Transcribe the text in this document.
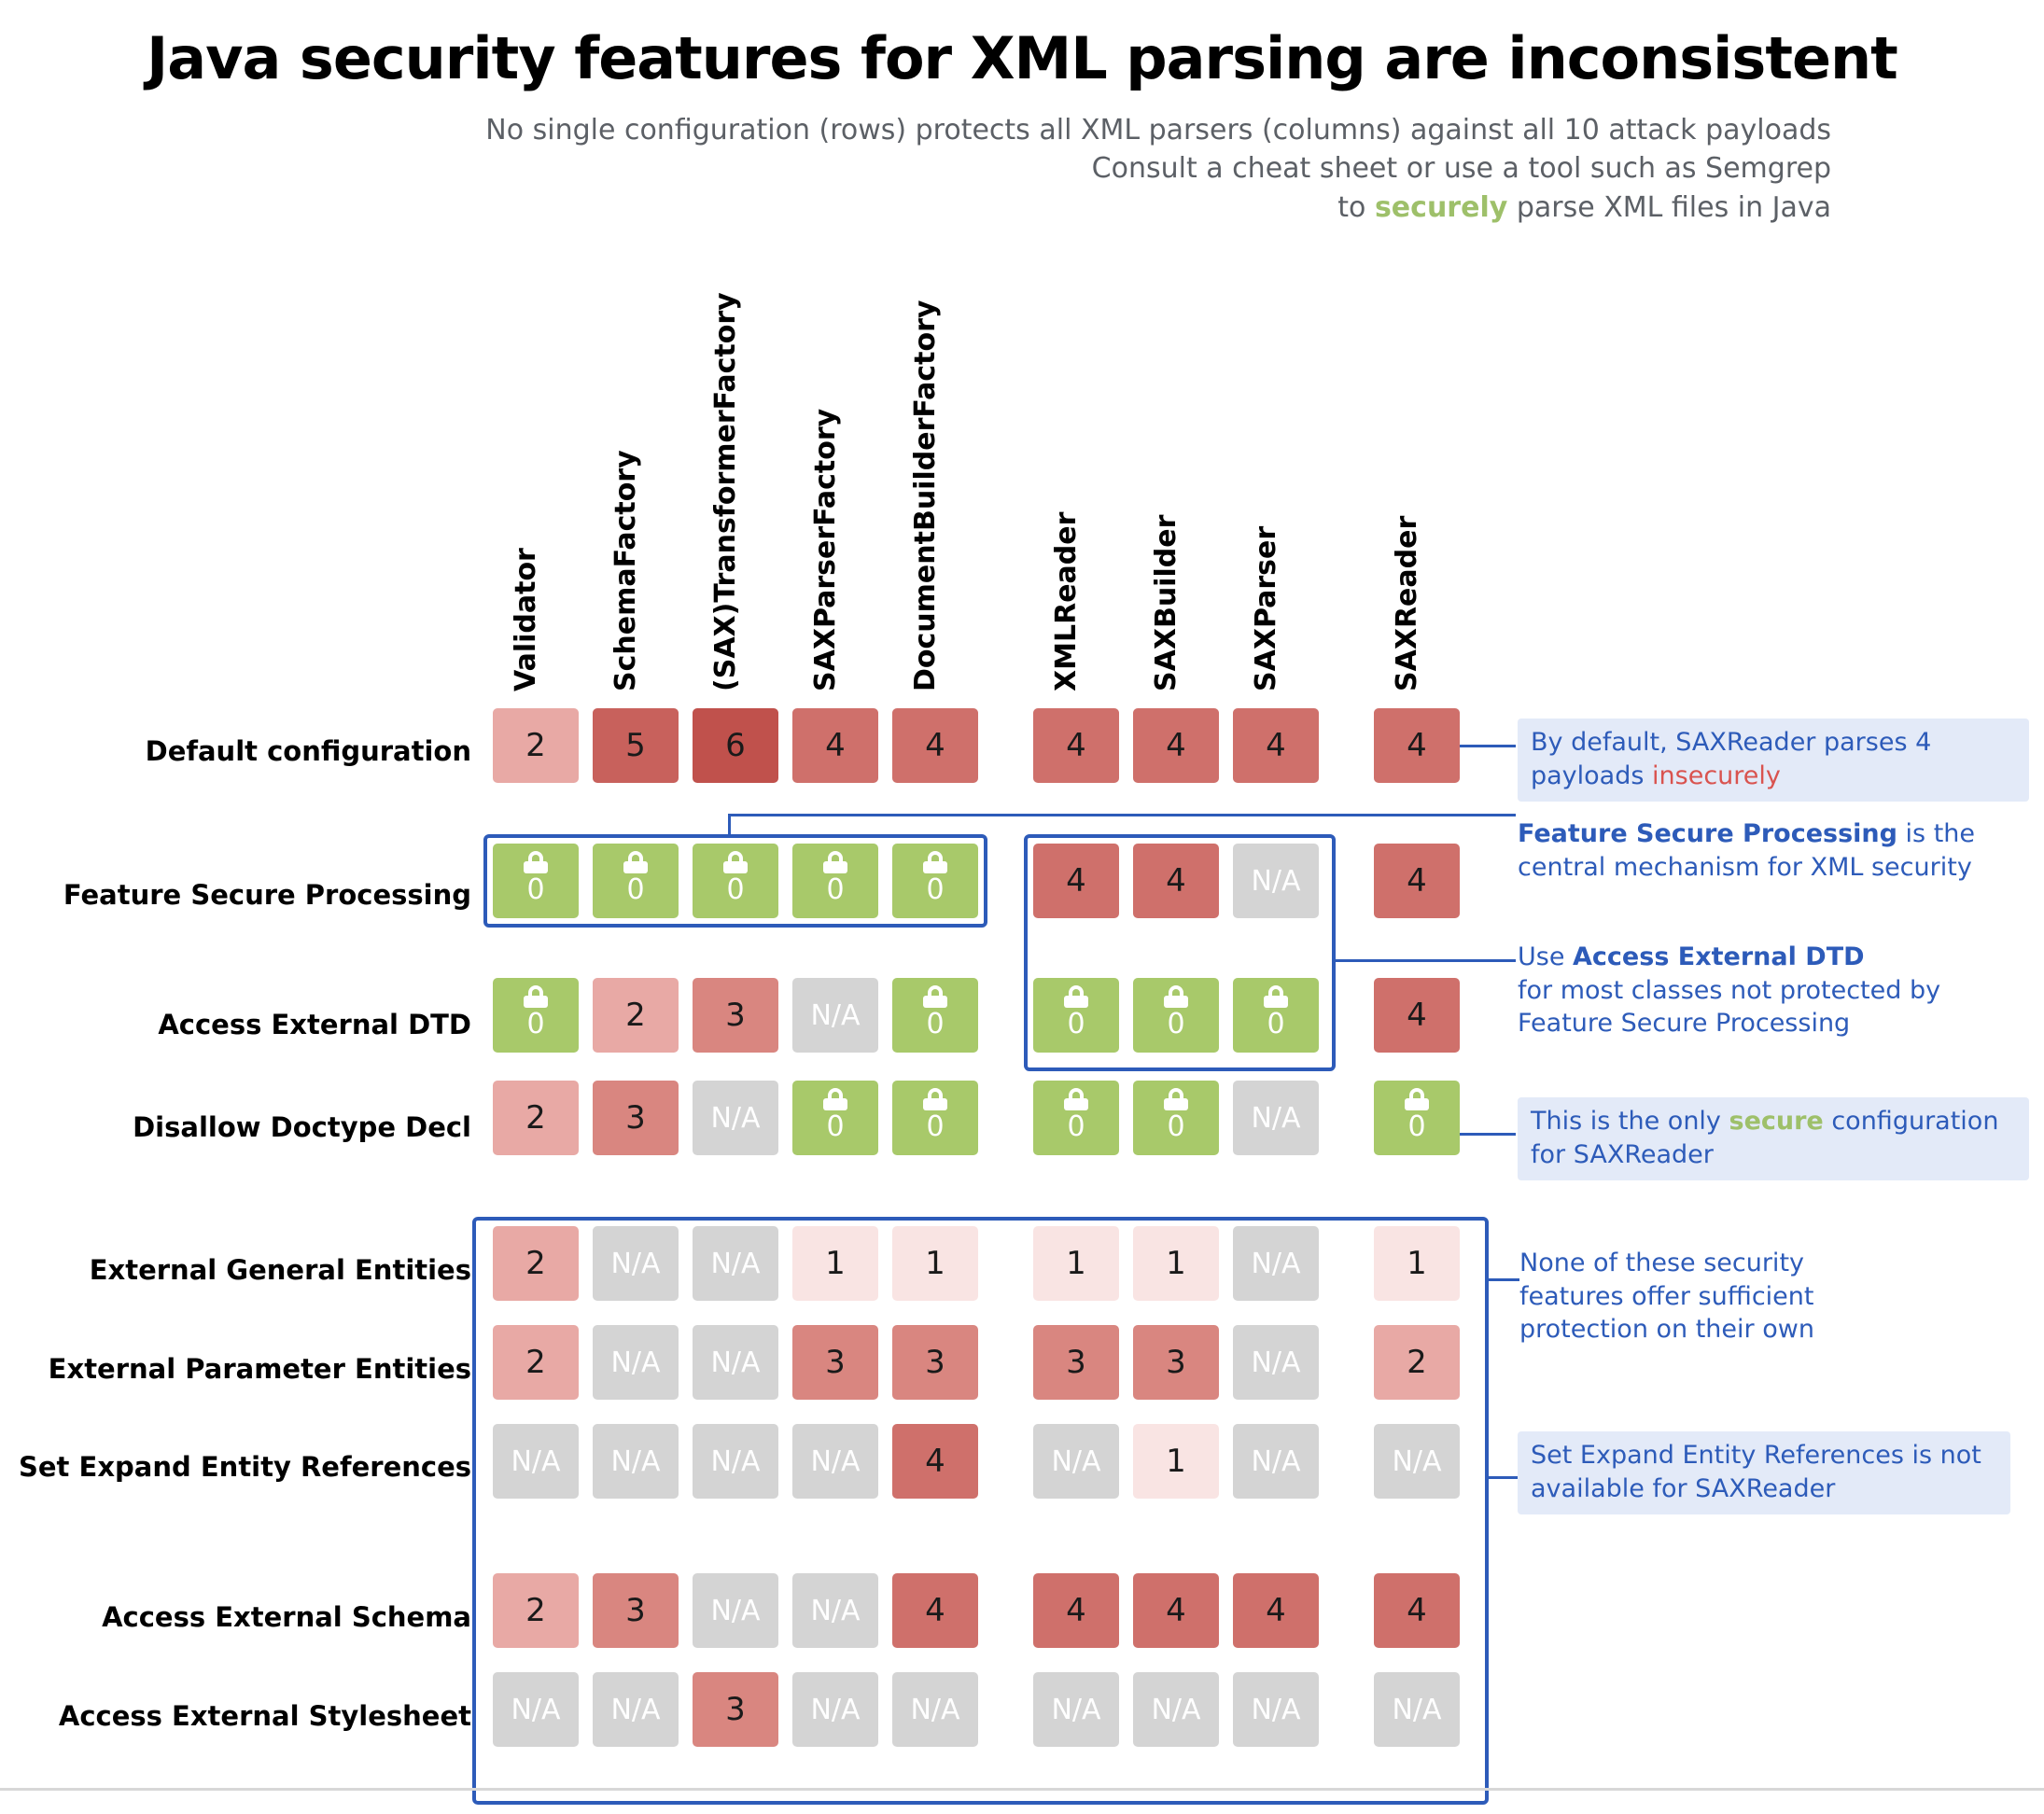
Java security features for XML parsing are inconsistent
No single configuration (rows) protects all XML parsers (columns) against all 10 attack payloads
Consult a cheat sheet or use a tool such as Semgrep
to securely parse XML files in Java
Validator SchemaFactory (SAX)TransformerFactory SAXParserFactory DocumentBuilderFactory	XMLReader SAXBuilder SAXParser	SAXReader
Default configuration
Feature Secure Processing
Access External DTD
Disallow Doctype Decl
External General Entities
External Parameter Entities
Set Expand Entity References
Access External Schema
Access External Stylesheet
2	5	6	4	4	4	4	4	4
0	0	0	0	0	4	4	N/A	4
0	2	3	N/A	0	0	0	0	4
2	3	N/A	0	0	0	0	N/A	0
2	N/A	N/A	1	1	1	1	N/A	1
2	N/A	N/A	3	3	3	3	N/A	2
N/A	N/A	N/A	N/A	4	N/A	1	N/A	N/A
2	3	N/A	N/A	4	4	4	4	4
N/A	N/A	3	N/A	N/A	N/A	N/A	N/A	N/A
By default, SAXReader parses 4 payloads insecurely
Feature Secure Processing is the central mechanism for XML security
Use Access External DTD
for most classes not protected by Feature Secure Processing
This is the only secure configuration for SAXReader
None of these security features offer sufficient protection on their own
Set Expand Entity References is not available for SAXReader
